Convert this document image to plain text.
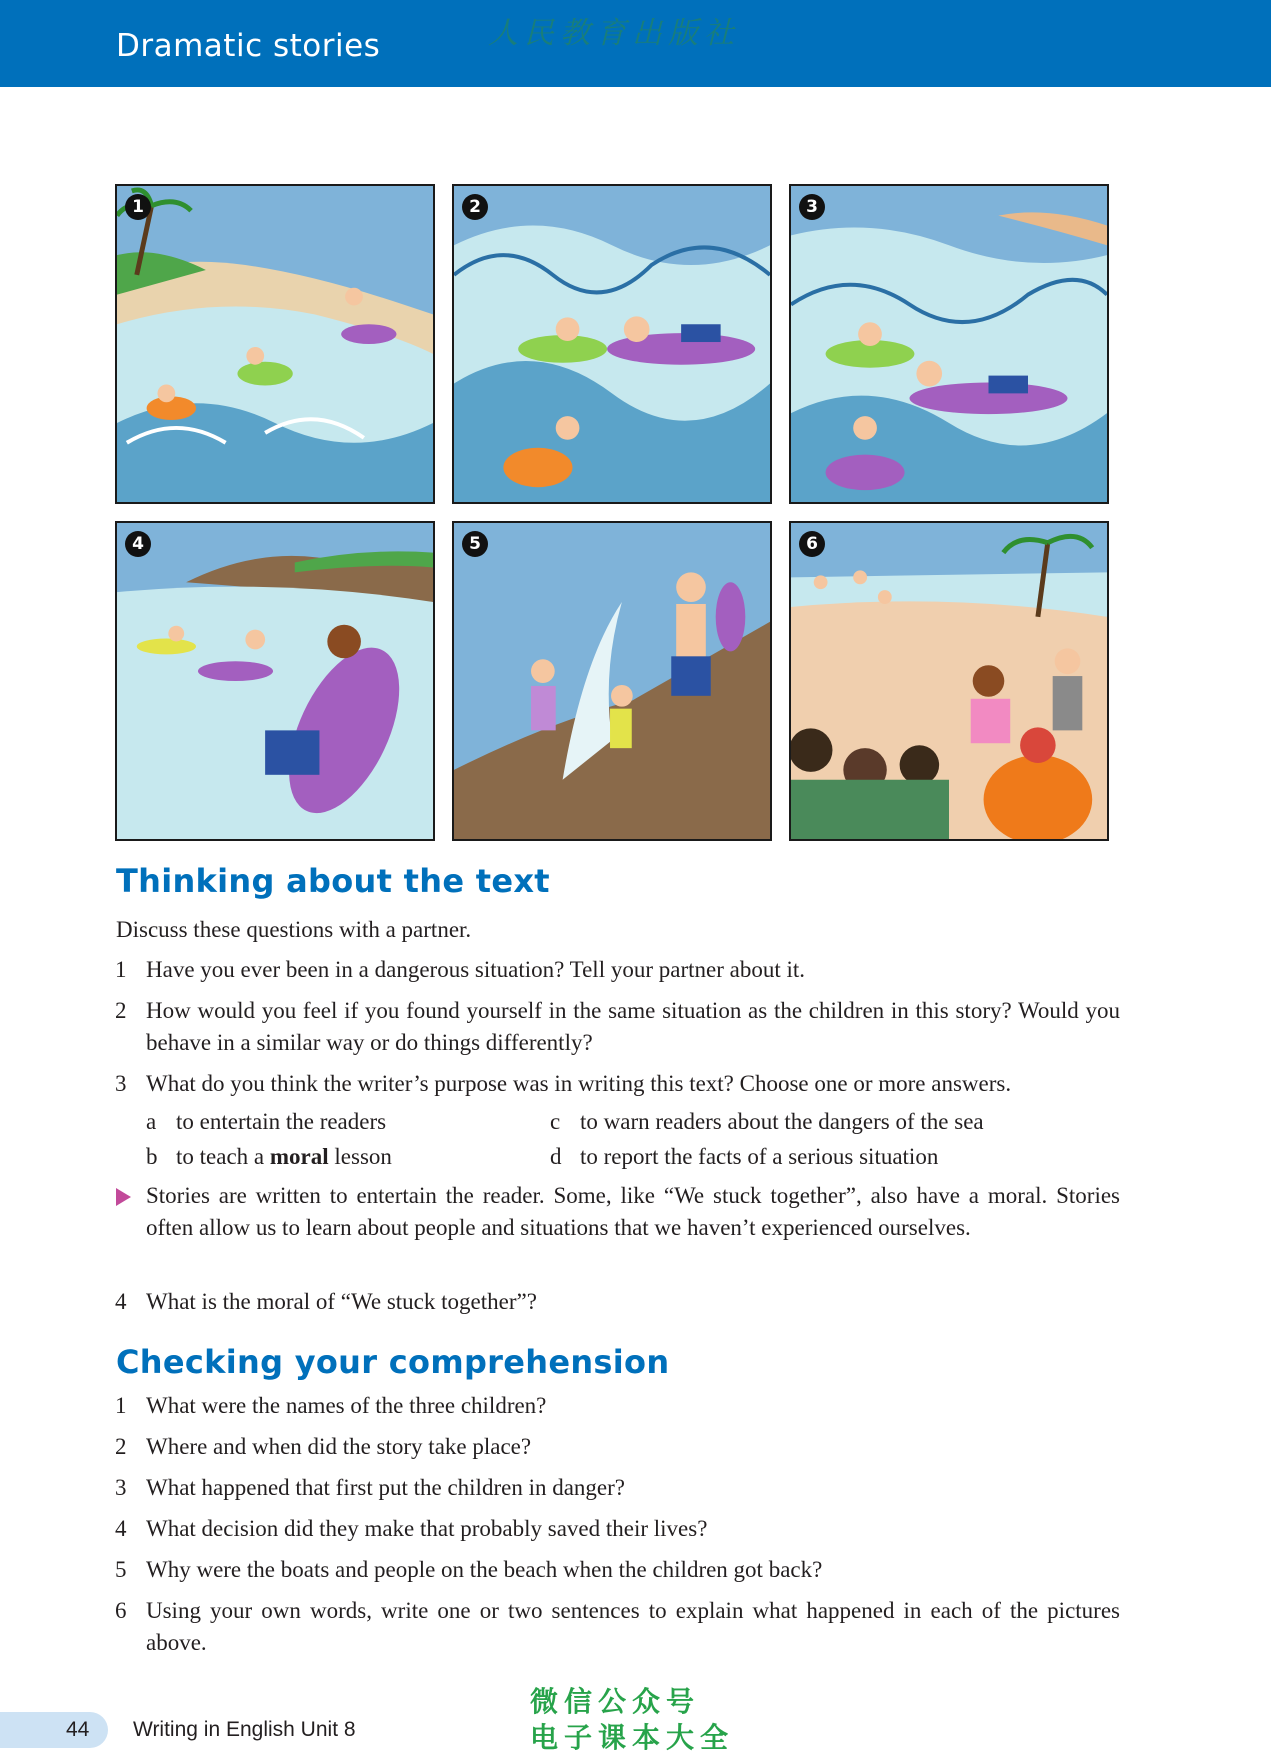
Dramatic stories	人民教育出版社
1	2	3
4	5	6
Thinking about the text
Discuss these questions with a partner.
1 Have you ever been in a dangerous situation? Tell your partner about it.
2 How would you feel if you found yourself in the same situation as the children in this story? Would you behave in a similar way or do things differently?
3 What do you think the writer’s purpose was in writing this text? Choose one or more answers.
a to entertain the readers	c to warn readers about the dangers of the sea
b to teach a moral lesson	d to report the facts of a serious situation
Stories are written to entertain the reader. Some, like “We stuck together”, also have a moral. Stories often allow us to learn about people and situations that we haven’t experienced ourselves.
4 What is the moral of “We stuck together”?
Checking your comprehension
1 What were the names of the three children?
2 Where and when did the story take place?
3 What happened that first put the children in danger?
4 What decision did they make that probably saved their lives?
5 Why were the boats and people on the beach when the children got back?
6 Using your own words, write one or two sentences to explain what happened in each of the pictures above.
44 Writing in English Unit 8
微信公众号
电子课本大全
